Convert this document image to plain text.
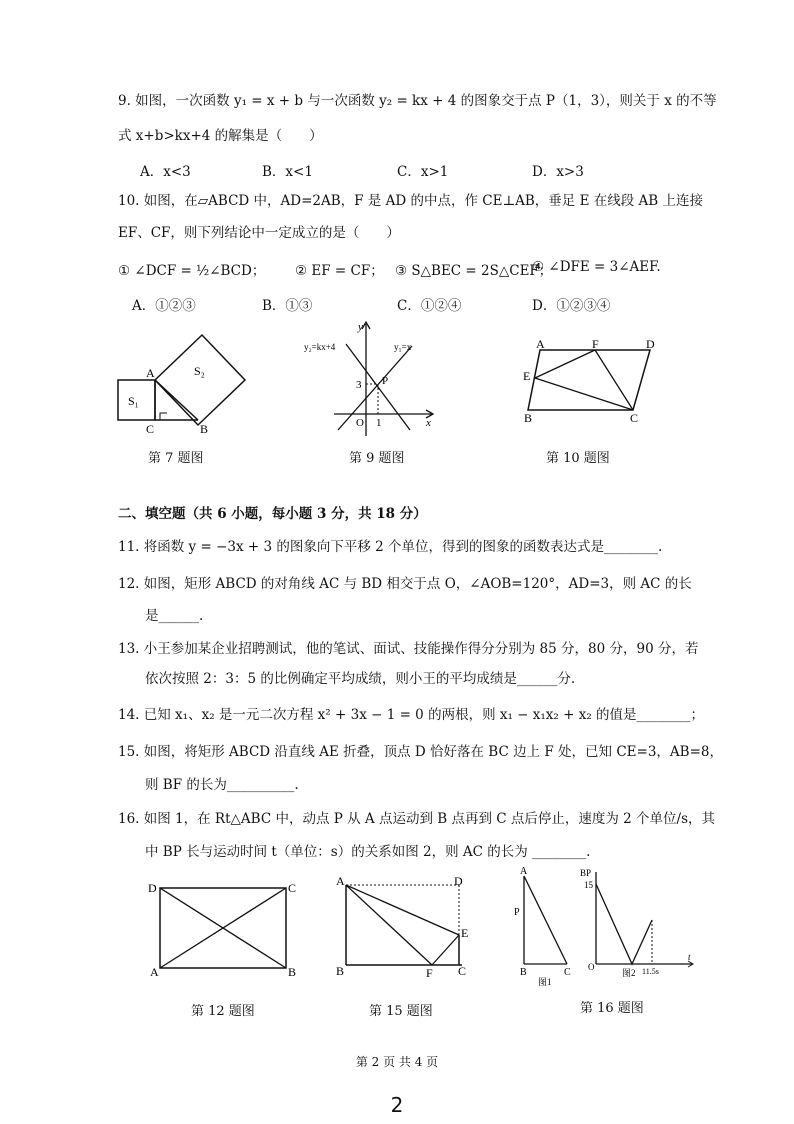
9. 如图，一次函数 y₁ = x + b 与一次函数 y₂ = kx + 4 的图象交于点 P（1，3），则关于 x 的不等
式 x+b>kx+4 的解集是（　　）
A．x<3	B．x<1	C．x>1	D．x>3
10. 如图，在▱ABCD 中，AD=2AB，F 是 AD 的中点，作 CE⊥AB，垂足 E 在线段 AB 上连接
EF、CF，则下列结论中一定成立的是（　　）
① ∠DCF = ½∠BCD； ② EF = CF； ③ S△BEC = 2S△CEF；
④ ∠DFE = 3∠AEF.
A．①②③	B．①③	C．①②④	D．①②③④
A
B
C
S₁
S₂
第 7 题图
y
x
O
3
1
P
y₂=kx+4	y₁=x
第 9 题图
A	F	D
E
B	C
第 10 题图
二、填空题（共 6 小题，每小题 3 分，共 18 分）
11. 将函数 y = −3x + 3 的图象向下平移 2 个单位，得到的图象的函数表达式是________.
12. 如图，矩形 ABCD 的对角线 AC 与 BD 相交于点 O，∠AOB=120°，AD=3，则 AC 的长
是______.
13. 小王参加某企业招聘测试，他的笔试、面试、技能操作得分分别为 85 分，80 分，90 分，若
依次按照 2：3：5 的比例确定平均成绩，则小王的平均成绩是______分.
14. 已知 x₁、x₂ 是一元二次方程 x² + 3x − 1 = 0 的两根，则 x₁ − x₁x₂ + x₂ 的值是________；
15. 如图，将矩形 ABCD 沿直线 AE 折叠，顶点 D 恰好落在 BC 边上 F 处，已知 CE=3，AB=8，
则 BF 的长为__________.
16. 如图 1，在 Rt△ABC 中，动点 P 从 A 点运动到 B 点再到 C 点后停止，速度为 2 个单位/s，其
中 BP 长与运动时间 t（单位：s）的关系如图 2，则 AC 的长为 ________.
D	C
A	B
第 12 题图
A	D
E
B	F C
第 15 题图
A
P
B	C
图1
BP
15
O
t
11.5s
图2
第 16 题图
第 2 页 共 4 页
2
